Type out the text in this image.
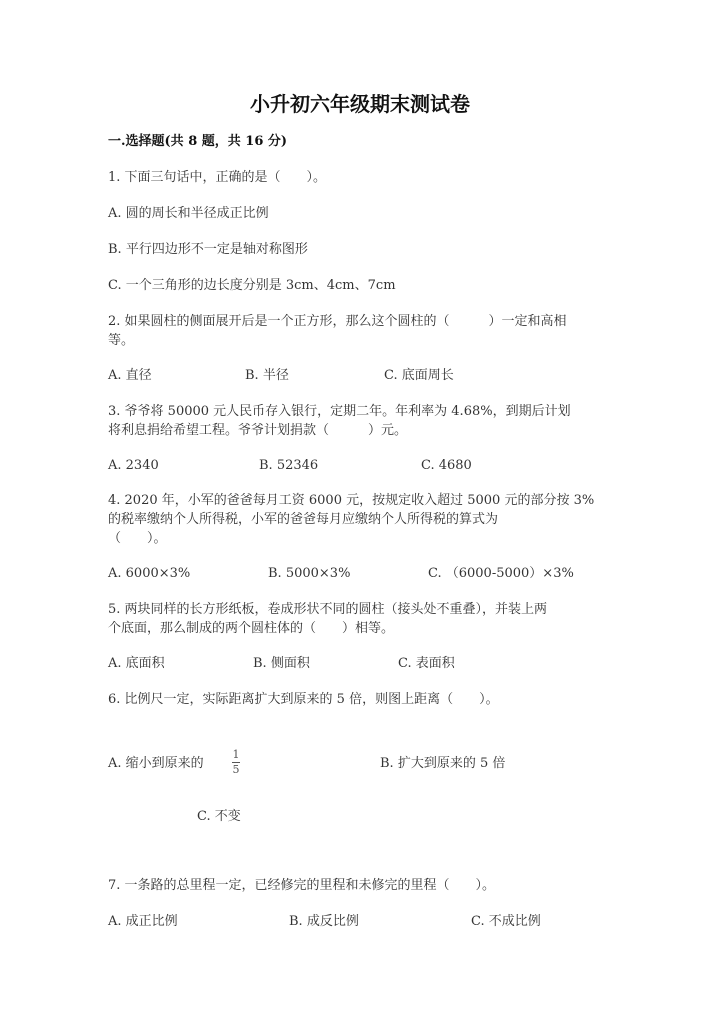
小升初六年级期末测试卷
一.选择题(共 8 题，共 16 分)
1. 下面三句话中，正确的是（　　）。
A. 圆的周长和半径成正比例
B. 平行四边形不一定是轴对称图形
C. 一个三角形的边长度分别是 3cm、4cm、7cm
2. 如果圆柱的侧面展开后是一个正方形，那么这个圆柱的（　　　）一定和高相
等。
A. 直径	B. 半径	C. 底面周长
3. 爷爷将 50000 元人民币存入银行，定期二年。年利率为 4.68%，到期后计划
将利息捐给希望工程。爷爷计划捐款（　　　）元。
A. 2340	B. 52346	C. 4680
4. 2020 年，小军的爸爸每月工资 6000 元，按规定收入超过 5000 元的部分按 3%
的税率缴纳个人所得税，小军的爸爸每月应缴纳个人所得税的算式为
（　　）。
A. 6000×3%	B. 5000×3%	C. （6000-5000）×3%
5. 两块同样的长方形纸板，卷成形状不同的圆柱（接头处不重叠），并装上两
个底面，那么制成的两个圆柱体的（　　）相等。
A. 底面积	B. 侧面积	C. 表面积
6. 比例尺一定，实际距离扩大到原来的 5 倍，则图上距离（　　）。
A. 缩小到原来的
1
5	B. 扩大到原来的 5 倍
C. 不变
7. 一条路的总里程一定，已经修完的里程和未修完的里程（　　）。
A. 成正比例	B. 成反比例	C. 不成比例
